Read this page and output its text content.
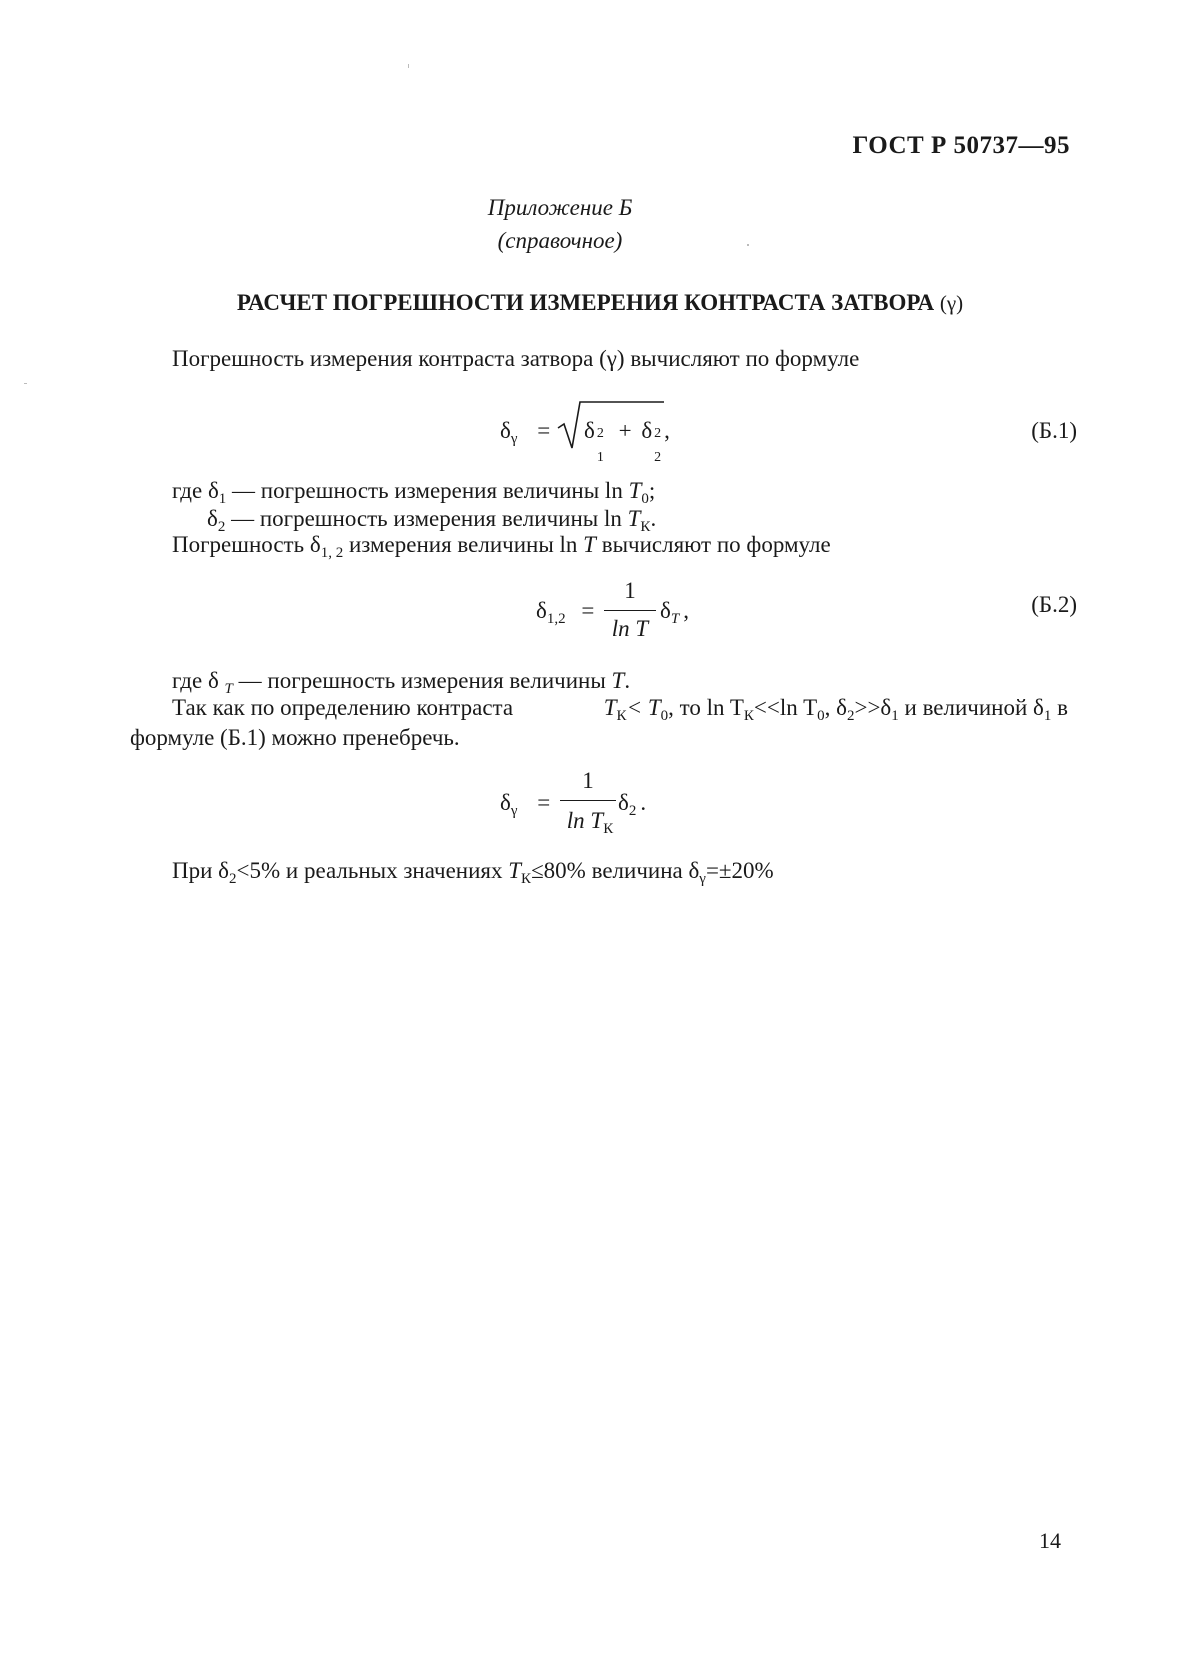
ГОСТ Р 50737—95
Приложение Б
(справочное)
РАСЧЕТ ПОГРЕШНОСТИ ИЗМЕРЕНИЯ КОНТРАСТА ЗАТВОРА (γ)
Погрешность измерения контраста затвора (γ) вычисляют по формуле
$\delta_\gamma = \delta$ 2
1
+ δ 2
2
,	(Б.1)
где $\delta_1$ — погрешность измерения величины $\ln T_0$;
$\delta_2$ — погрешность измерения величины $\ln T_К$.
Погрешность $\delta_{1, 2}$ измерения величины ln T вычисляют по формуле
$\delta_{1,2}$ =
1
ln T
$\delta_T$ ,	(Б.2)
где δ $_T$ — погрешность измерения величины T.
Так как по определению контраста	$T_К< T_0$, то $\ln T_К<<\ln$ $T_0$, $\delta_2>>\delta_1$ и величиной $\delta_1$ в
формуле (Б.1) можно пренебречь.
$\delta_\gamma$ =
1
$\ln T_К$
$\delta_2$ .
При $\delta_2<5\%$ и реальных значениях $T_К\le 80\%$ величина $\delta_\gamma=\pm 20\%$
14
